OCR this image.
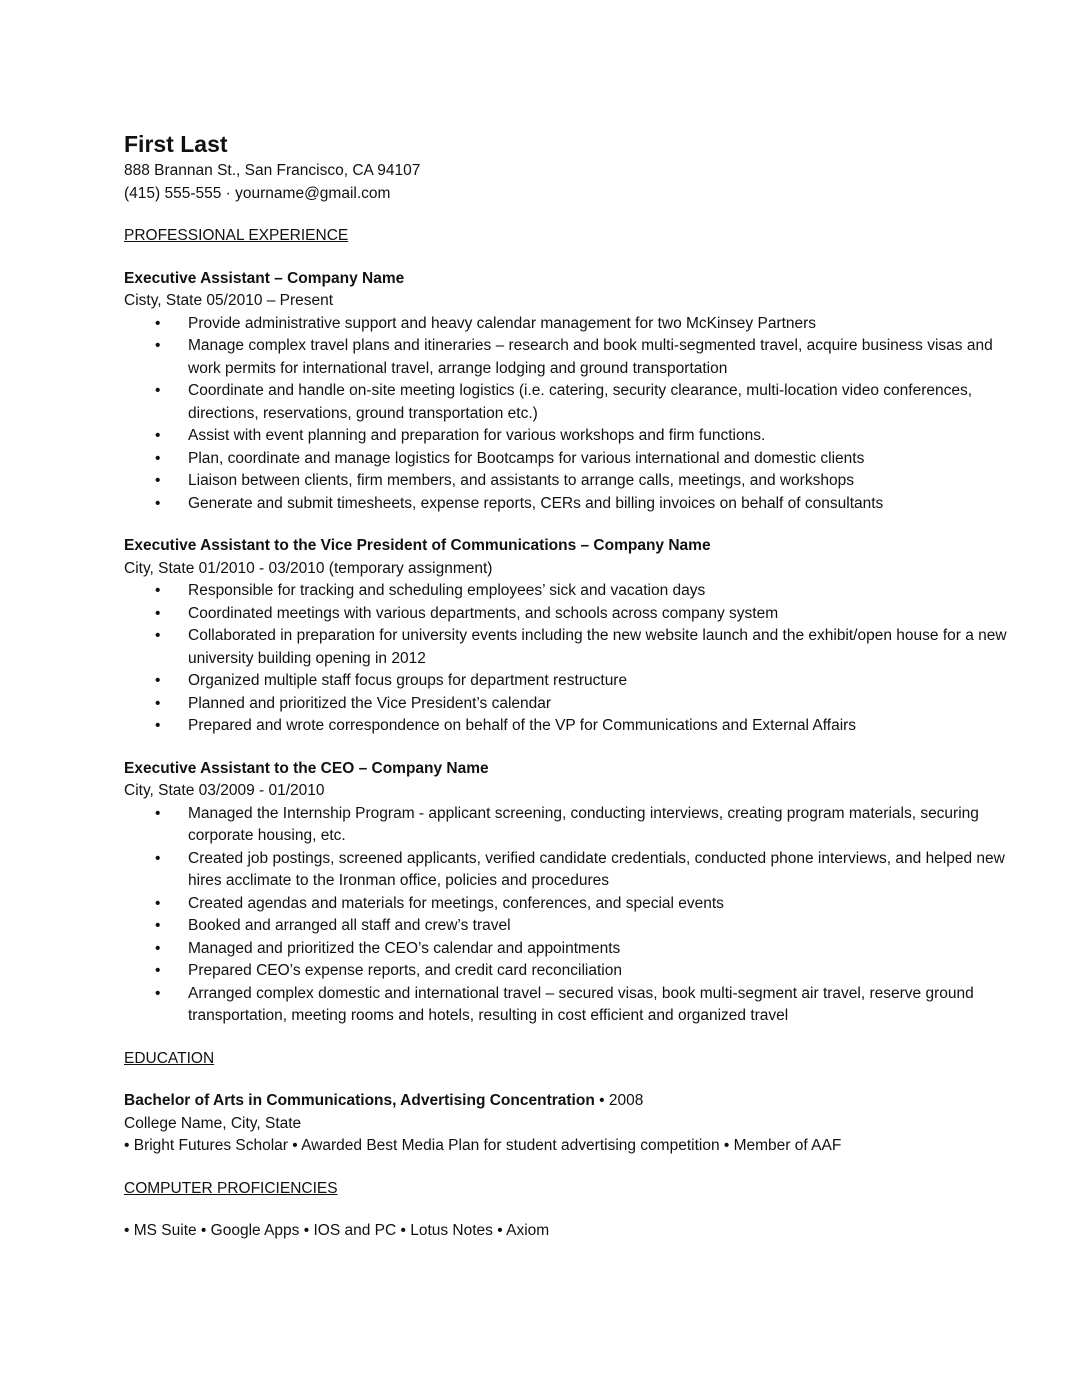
First Last

888 Brannan St., San Francisco, CA 94107

(415) 555-555 · yourname@gmail.com

PROFESSIONAL EXPERIENCE

Executive Assistant – Company Name

Cisty, State 05/2010 – Present

• Provide administrative support and heavy calendar management for two McKinsey Partners
• Manage complex travel plans and itineraries – research and book multi-segmented travel, acquire business visas and work permits for international travel, arrange lodging and ground transportation
• Coordinate and handle on-site meeting logistics (i.e. catering, security clearance, multi-location video conferences, directions, reservations, ground transportation etc.)
• Assist with event planning and preparation for various workshops and firm functions.
• Plan, coordinate and manage logistics for Bootcamps for various international and domestic clients
• Liaison between clients, firm members, and assistants to arrange calls, meetings, and workshops
• Generate and submit timesheets, expense reports, CERs and billing invoices on behalf of consultants

Executive Assistant to the Vice President of Communications – Company Name

City, State 01/2010 - 03/2010 (temporary assignment)

• Responsible for tracking and scheduling employees’ sick and vacation days
• Coordinated meetings with various departments, and schools across company system
• Collaborated in preparation for university events including the new website launch and the exhibit/open house for a new university building opening in 2012
• Organized multiple staff focus groups for department restructure
• Planned and prioritized the Vice President’s calendar
• Prepared and wrote correspondence on behalf of the VP for Communications and External Affairs

Executive Assistant to the CEO – Company Name

City, State 03/2009 - 01/2010

• Managed the Internship Program - applicant screening, conducting interviews, creating program materials, securing corporate housing, etc.
• Created job postings, screened applicants, verified candidate credentials, conducted phone interviews, and helped new hires acclimate to the Ironman office, policies and procedures
• Created agendas and materials for meetings, conferences, and special events
• Booked and arranged all staff and crew’s travel
• Managed and prioritized the CEO’s calendar and appointments
• Prepared CEO’s expense reports, and credit card reconciliation
• Arranged complex domestic and international travel – secured visas, book multi-segment air travel, reserve ground transportation, meeting rooms and hotels, resulting in cost efficient and organized travel

EDUCATION

Bachelor of Arts in Communications, Advertising Concentration • 2008

College Name, City, State

• Bright Futures Scholar • Awarded Best Media Plan for student advertising competition • Member of AAF

COMPUTER PROFICIENCIES

• MS Suite • Google Apps • IOS and PC • Lotus Notes • Axiom
